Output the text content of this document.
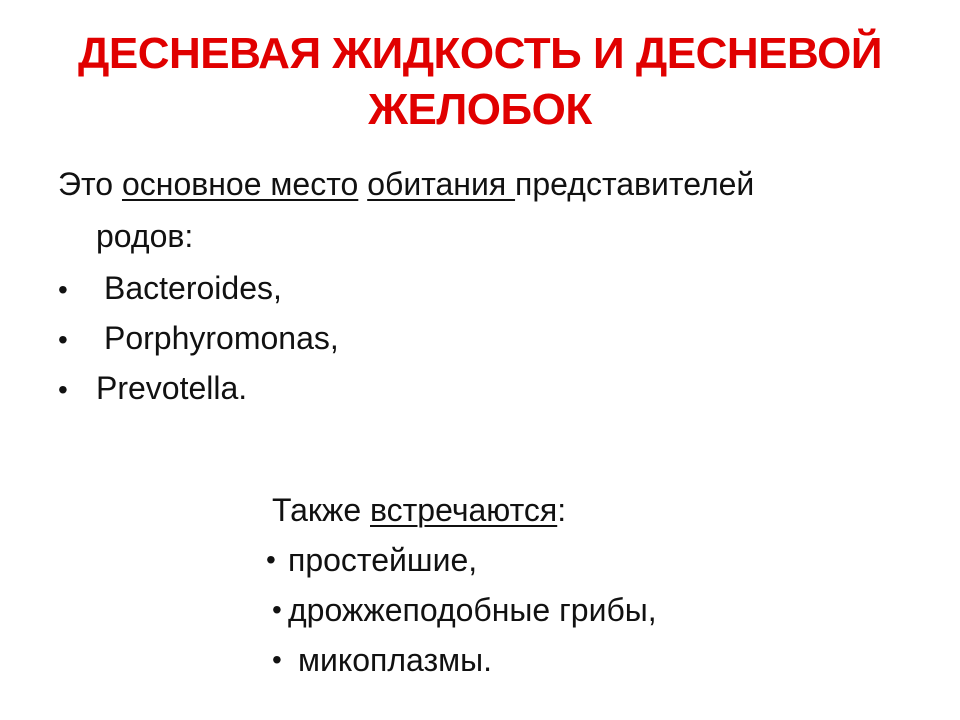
ДЕСНЕВАЯ ЖИДКОСТЬ И ДЕСНЕВОЙ
ЖЕЛОБОК
Это основное место обитания представителей
родов:
• Bacteroides,
• Porphyromonas,
• Prevotella.
Также встречаются:
• простейшие,
• дрожжеподобные грибы,
• микоплазмы.
